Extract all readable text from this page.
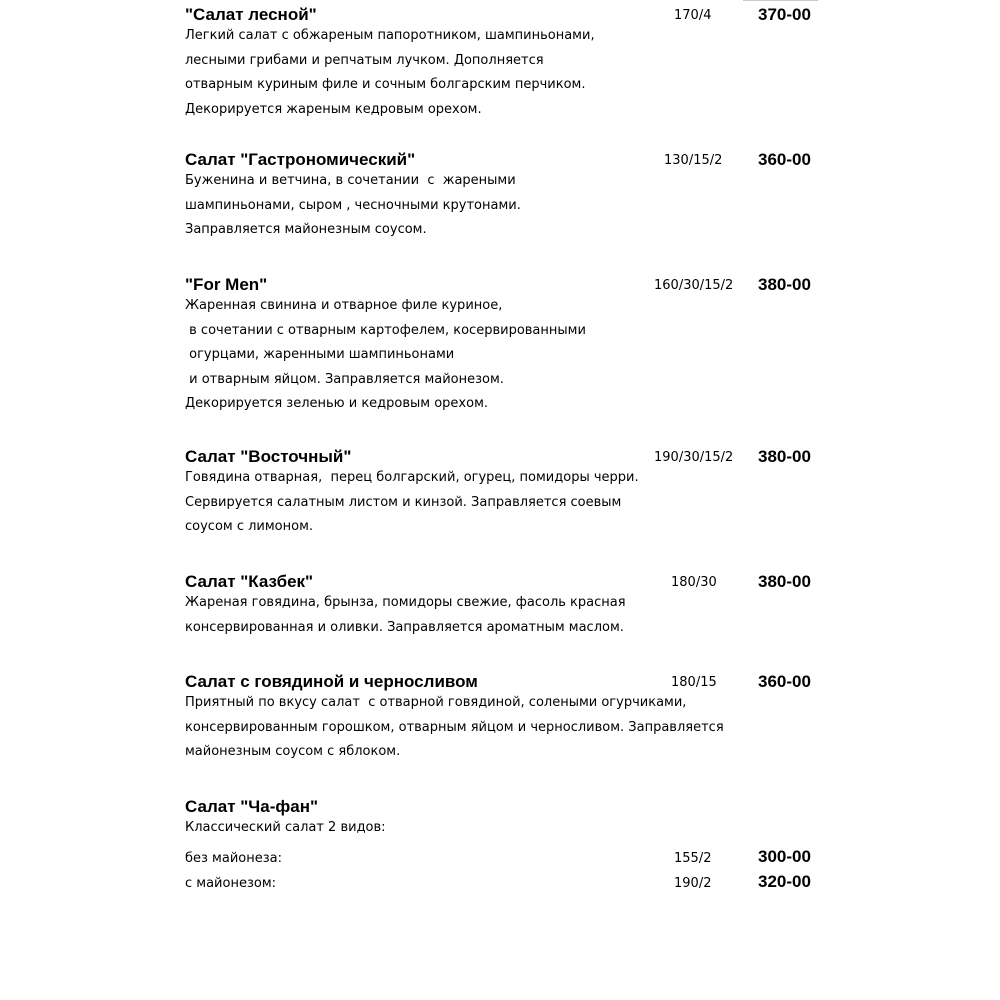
"Салат лесной"	170/4	370-00
Легкий салат с обжареным папоротником, шампиньонами,
лесными грибами и репчатым лучком. Дополняется
отварным куриным филе и сочным болгарским перчиком.
Декорируется жареным кедровым орехом.
Салат "Гастрономический"	130/15/2 360-00
Буженина и ветчина, в сочетании  с  жареными
шампиньонами, сыром , чесночными крутонами.
Заправляется майонезным соусом.
"For Men"	160/30/15/2 380-00
Жаренная свинина и отварное филе куриное,
в сочетании с отварным картофелем, косервированными
огурцами, жаренными шампиньонами
и отварным яйцом. Заправляется майонезом.
Декорируется зеленью и кедровым орехом.
Салат "Восточный"	190/30/15/2 380-00
Говядина отварная,  перец болгарский, огурец, помидоры черри.
Сервируется салатным листом и кинзой. Заправляется соевым
соусом с лимоном.
Салат "Казбек"	180/30 380-00
Жареная говядина, брынза, помидоры свежие, фасоль красная
консервированная и оливки. Заправляется ароматным маслом.
Салат с говядиной и черносливом	180/15 360-00
Приятный по вкусу салат  с отварной говядиной, солеными огурчиками,
консервированным горошком, отварным яйцом и черносливом. Заправляется
майонезным соусом с яблоком.
Салат "Ча-фан"
Классический салат 2 видов:
без майонеза:	155/2	300-00
с майонезом:	190/2	320-00
